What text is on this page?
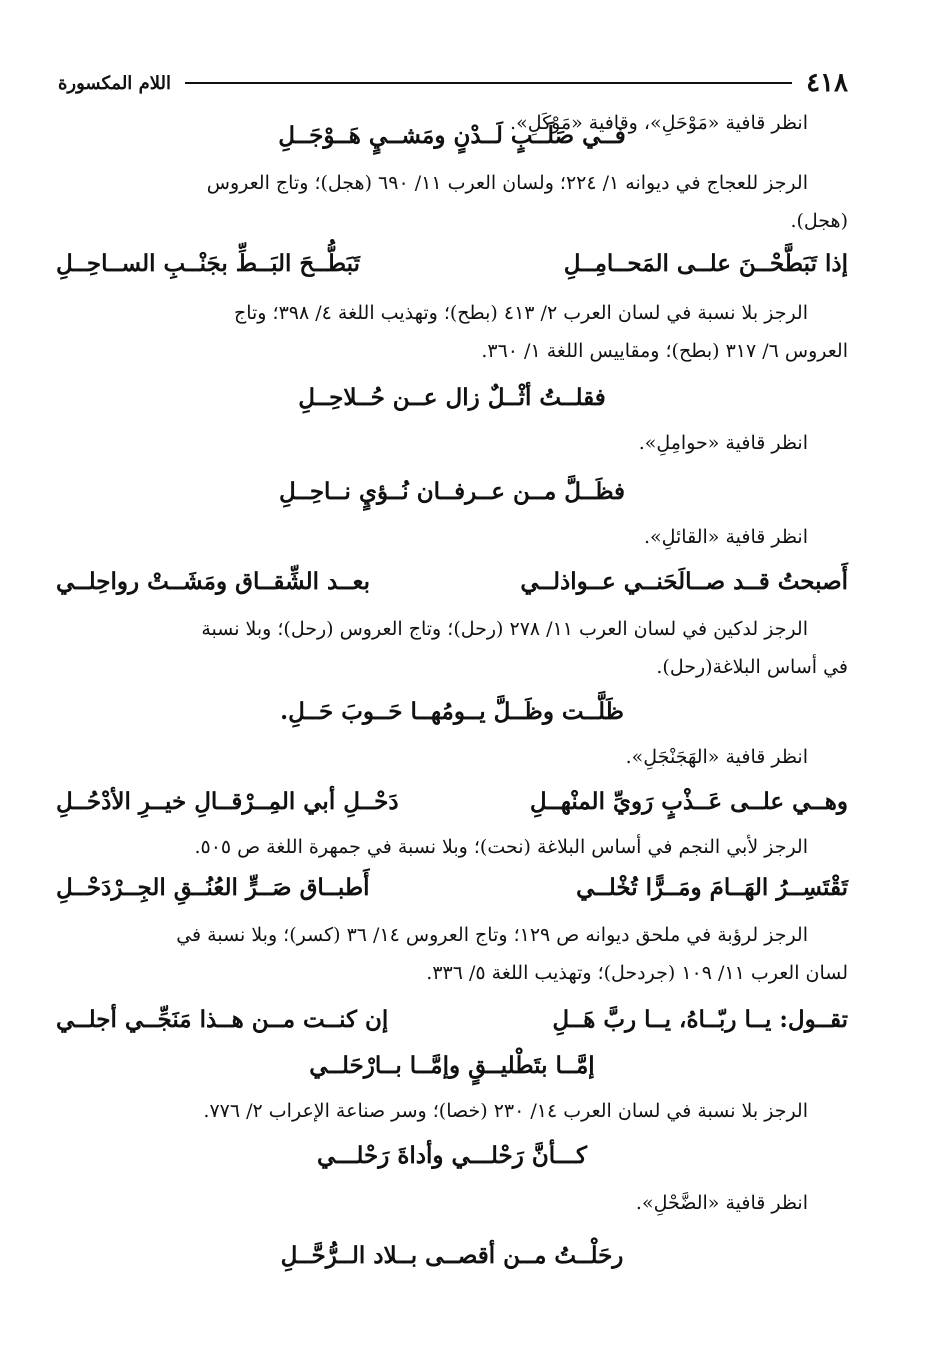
٤١٨
اللام المكسورة
فــي صَلَــبٍ لَــدْنٍ ومَشــيٍ هَــوْجَــلِ
الرجز للعجاج في ديوانه ١/ ٢٢٤؛ ولسان العرب ١١/ ٦٩٠ (هجل)؛ وتاج العروس
(هجل).
إذا تَبَطَّحْــنَ علــى المَحــامِــلِ
تَبَطُّــحَ البَــطِّ بجَنْــبِ الســاحِــلِ
الرجز بلا نسبة في لسان العرب ٢/ ٤١٣ (بطح)؛ وتهذيب اللغة ٤/ ٣٩٨؛ وتاج
العروس ٦/ ٣١٧ (بطح)؛ ومقاييس اللغة ١/ ٣٦٠.
فقلــتُ أثْــلٌ زال عــن حُــلاحِــلِ
انظر قافية «حوامِلِ».
فظَــلَّ مــن عــرفــان نُــؤيٍ نــاحِــلِ
انظر قافية «القائلِ».
أَصبحتُ قــد صــالَحَنــي عــواذلــي
بعــد الشِّقــاق ومَشَــتْ رواحِلــي
الرجز لدكين في لسان العرب ١١/ ٢٧٨ (رحل)؛ وتاج العروس (رحل)؛ وبلا نسبة
في أساس البلاغة(رحل).
ظَلَّــت وظَــلَّ يــومُهــا حَــوبَ حَــلِ.
انظر قافية «الهَجَنْجَلِ».
وهــي علــى عَــذْبٍ رَويِّ المنْهــلِ
دَحْــلِ أبي المِــرْقــالِ خيــرِ الأدْحُــلِ
الرجز لأبي النجم في أساس البلاغة (نحت)؛ وبلا نسبة في جمهرة اللغة ص ٥٠٥.
تَقْتَسِــرُ الهَــامَ ومَــرًّا تُخْلــي
أَطبــاق صَــرٍّ العُنُــقِ الجِــرْدَحْــلِ
الرجز لرؤبة في ملحق ديوانه ص ١٢٩؛ وتاج العروس ١٤/ ٣٦ (كسر)؛ وبلا نسبة في
لسان العرب ١١/ ١٠٩ (جردحل)؛ وتهذيب اللغة ٥/ ٣٣٦.
تقــول: يــا ربّــاهُ، يــا ربَّ هَــلِ
إن كنــت مــن هــذا مَنَجِّــي أجلــي
إمَّــا بتَطْليــقٍ وإمَّــا بــارْحَلــي
الرجز بلا نسبة في لسان العرب ١٤/ ٢٣٠ (خصا)؛ وسر صناعة الإعراب ٢/ ٧٧٦.
كـــأنَّ رَحْلـــي وأداةَ رَحْلـــي
انظر قافية «الضَّحْلِ».
رحَلْــتُ مــن أقصــى بــلاد الــرُّحَّــلِ
انظر قافية «مَوْحَلِ»، وقافية «مَوْكَلِ».
